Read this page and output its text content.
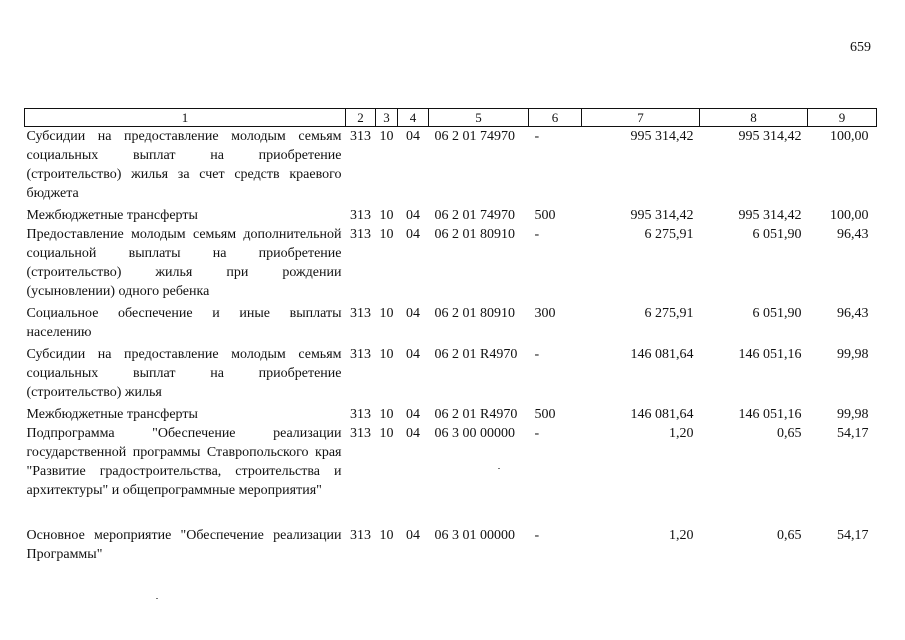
659
1	2	3	4	5	6	7	8	9
Субсидии на предоставление молодым семьям социальных выплат на приобретение (строительство) жилья за счет средств краевого бюджета	313	10	04	06 2 01 74970	-	995 314,42	995 314,42	100,00
Межбюджетные трансферты	313	10	04	06 2 01 74970	500	995 314,42	995 314,42	100,00
Предоставление молодым семьям дополнительной социальной выплаты на приобретение (строительство) жилья при рождении (усыновлении) одного ребенка	313	10	04	06 2 01 80910	-	6 275,91	6 051,90	96,43
Социальное обеспечение и иные выплаты населению	313	10	04	06 2 01 80910	300	6 275,91	6 051,90	96,43
Субсидии на предоставление молодым семьям социальных выплат на приобретение (строительство) жилья	313	10	04	06 2 01 R4970	-	146 081,64	146 051,16	99,98
Межбюджетные трансферты	313	10	04	06 2 01 R4970	500	146 081,64	146 051,16	99,98
Подпрограмма "Обеспечение реализации государственной программы Ставропольского края "Развитие градостроительства, строительства и архитектуры" и общепрограммные мероприятия"	313	10	04	06 3 00 00000	-	1,20	0,65	54,17
Основное мероприятие "Обеспечение реализации Программы"	313	10	04	06 3 01 00000	-	1,20	0,65	54,17
